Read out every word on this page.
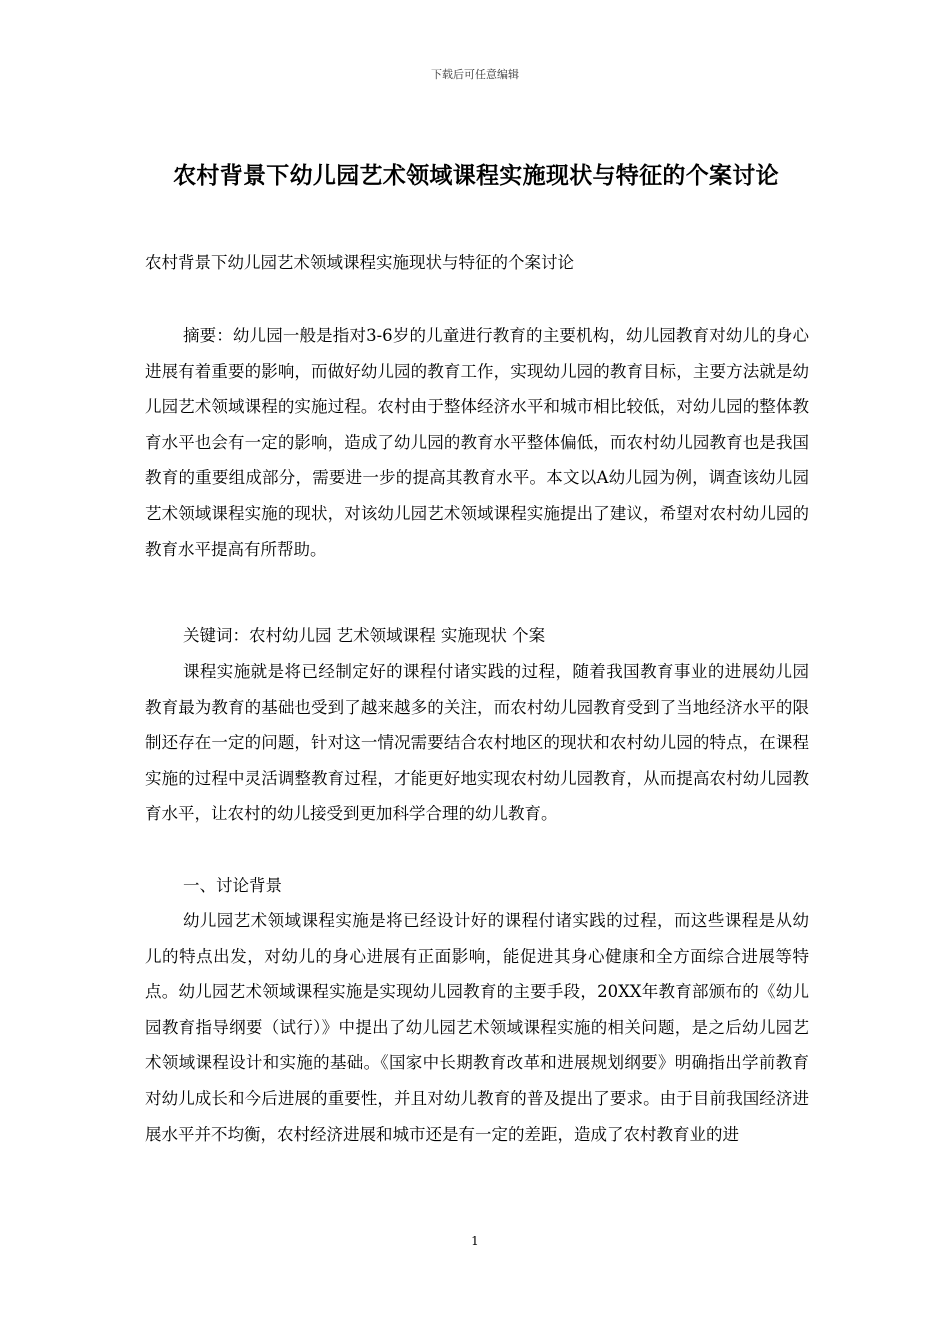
下载后可任意编辑
农村背景下幼儿园艺术领域课程实施现状与特征的个案讨论
农村背景下幼儿园艺术领域课程实施现状与特征的个案讨论

摘要：幼儿园一般是指对3-6岁的儿童进行教育的主要机构，幼儿园教育对幼儿的身心进展有着重要的影响，而做好幼儿园的教育工作，实现幼儿园的教育目标，主要方法就是幼儿园艺术领域课程的实施过程。农村由于整体经济水平和城市相比较低，对幼儿园的整体教育水平也会有一定的影响，造成了幼儿园的教育水平整体偏低，而农村幼儿园教育也是我国教育的重要组成部分，需要进一步的提高其教育水平。本文以A幼儿园为例，调查该幼儿园艺术领域课程实施的现状，对该幼儿园艺术领域课程实施提出了建议，希望对农村幼儿园的教育水平提高有所帮助。

关键词：农村幼儿园 艺术领域课程 实施现状 个案

课程实施就是将已经制定好的课程付诸实践的过程，随着我国教育事业的进展幼儿园教育最为教育的基础也受到了越来越多的关注，而农村幼儿园教育受到了当地经济水平的限制还存在一定的问题，针对这一情况需要结合农村地区的现状和农村幼儿园的特点，在课程实施的过程中灵活调整教育过程，才能更好地实现农村幼儿园教育，从而提高农村幼儿园教育水平，让农村的幼儿接受到更加科学合理的幼儿教育。

一、讨论背景

幼儿园艺术领域课程实施是将已经设计好的课程付诸实践的过程，而这些课程是从幼儿的特点出发，对幼儿的身心进展有正面影响，能促进其身心健康和全方面综合进展等特点。幼儿园艺术领域课程实施是实现幼儿园教育的主要手段，20XX年教育部颁布的《幼儿园教育指导纲要（试行）》中提出了幼儿园艺术领域课程实施的相关问题，是之后幼儿园艺术领域课程设计和实施的基础。《国家中长期教育改革和进展规划纲要》明确指出学前教育对幼儿成长和今后进展的重要性，并且对幼儿教育的普及提出了要求。由于目前我国经济进展水平并不均衡，农村经济进展和城市还是有一定的差距，造成了农村教育业的进

1
